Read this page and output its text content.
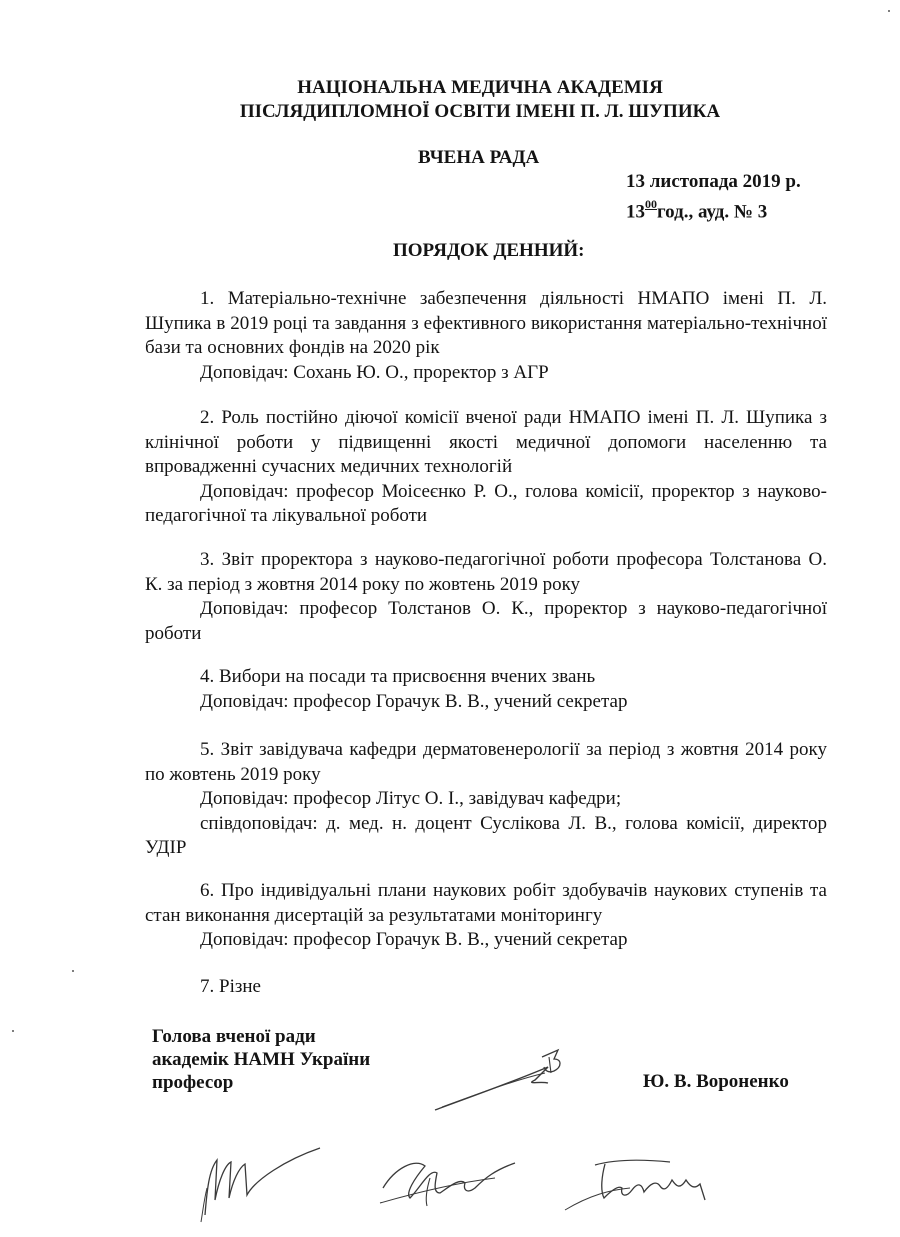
НАЦІОНАЛЬНА МЕДИЧНА АКАДЕМІЯ
ПІСЛЯДИПЛОМНОЇ ОСВІТИ ІМЕНІ П. Л. ШУПИКА
ВЧЕНА РАДА
13 листопада 2019 р.
$13^{00}год$., ауд. № 3
ПОРЯДОК ДЕННИЙ:

1. Матеріально-технічне забезпечення діяльності НМАПО імені П. Л. Шупика в 2019 році та завдання з ефективного використання матеріально-технічної бази та основних фондів на 2020 рік

Доповідач: Сохань Ю. О., проректор з АГР

2. Роль постійно діючої комісії вченої ради НМАПО імені П. Л. Шупика з клінічної роботи у підвищенні якості медичної допомоги населенню та впровадженні сучасних медичних технологій

Доповідач: професор Моісеєнко Р. О., голова комісії, проректор з науково-педагогічної та лікувальної роботи

3. Звіт проректора з науково-педагогічної роботи професора Толстанова О. К. за період з жовтня 2014 року по жовтень 2019 року

Доповідач: професор Толстанов О. К., проректор з науково-педагогічної роботи

4. Вибори на посади та присвоєння вчених звань

Доповідач: професор Горачук В. В., учений секретар

5. Звіт завідувача кафедри дерматовенерології за період з жовтня 2014 року по жовтень 2019 року

Доповідач: професор Літус О. І., завідувач кафедри;

співдоповідач: д. мед. н. доцент Суслікова Л. В., голова комісії, директор УДІР

6. Про індивідуальні плани наукових робіт здобувачів наукових ступенів та стан виконання дисертацій за результатами моніторингу

Доповідач: професор Горачук В. В., учений секретар

7. Різне

Голова вченої ради
академік НАМН України
професор	Ю. В. Вороненко
